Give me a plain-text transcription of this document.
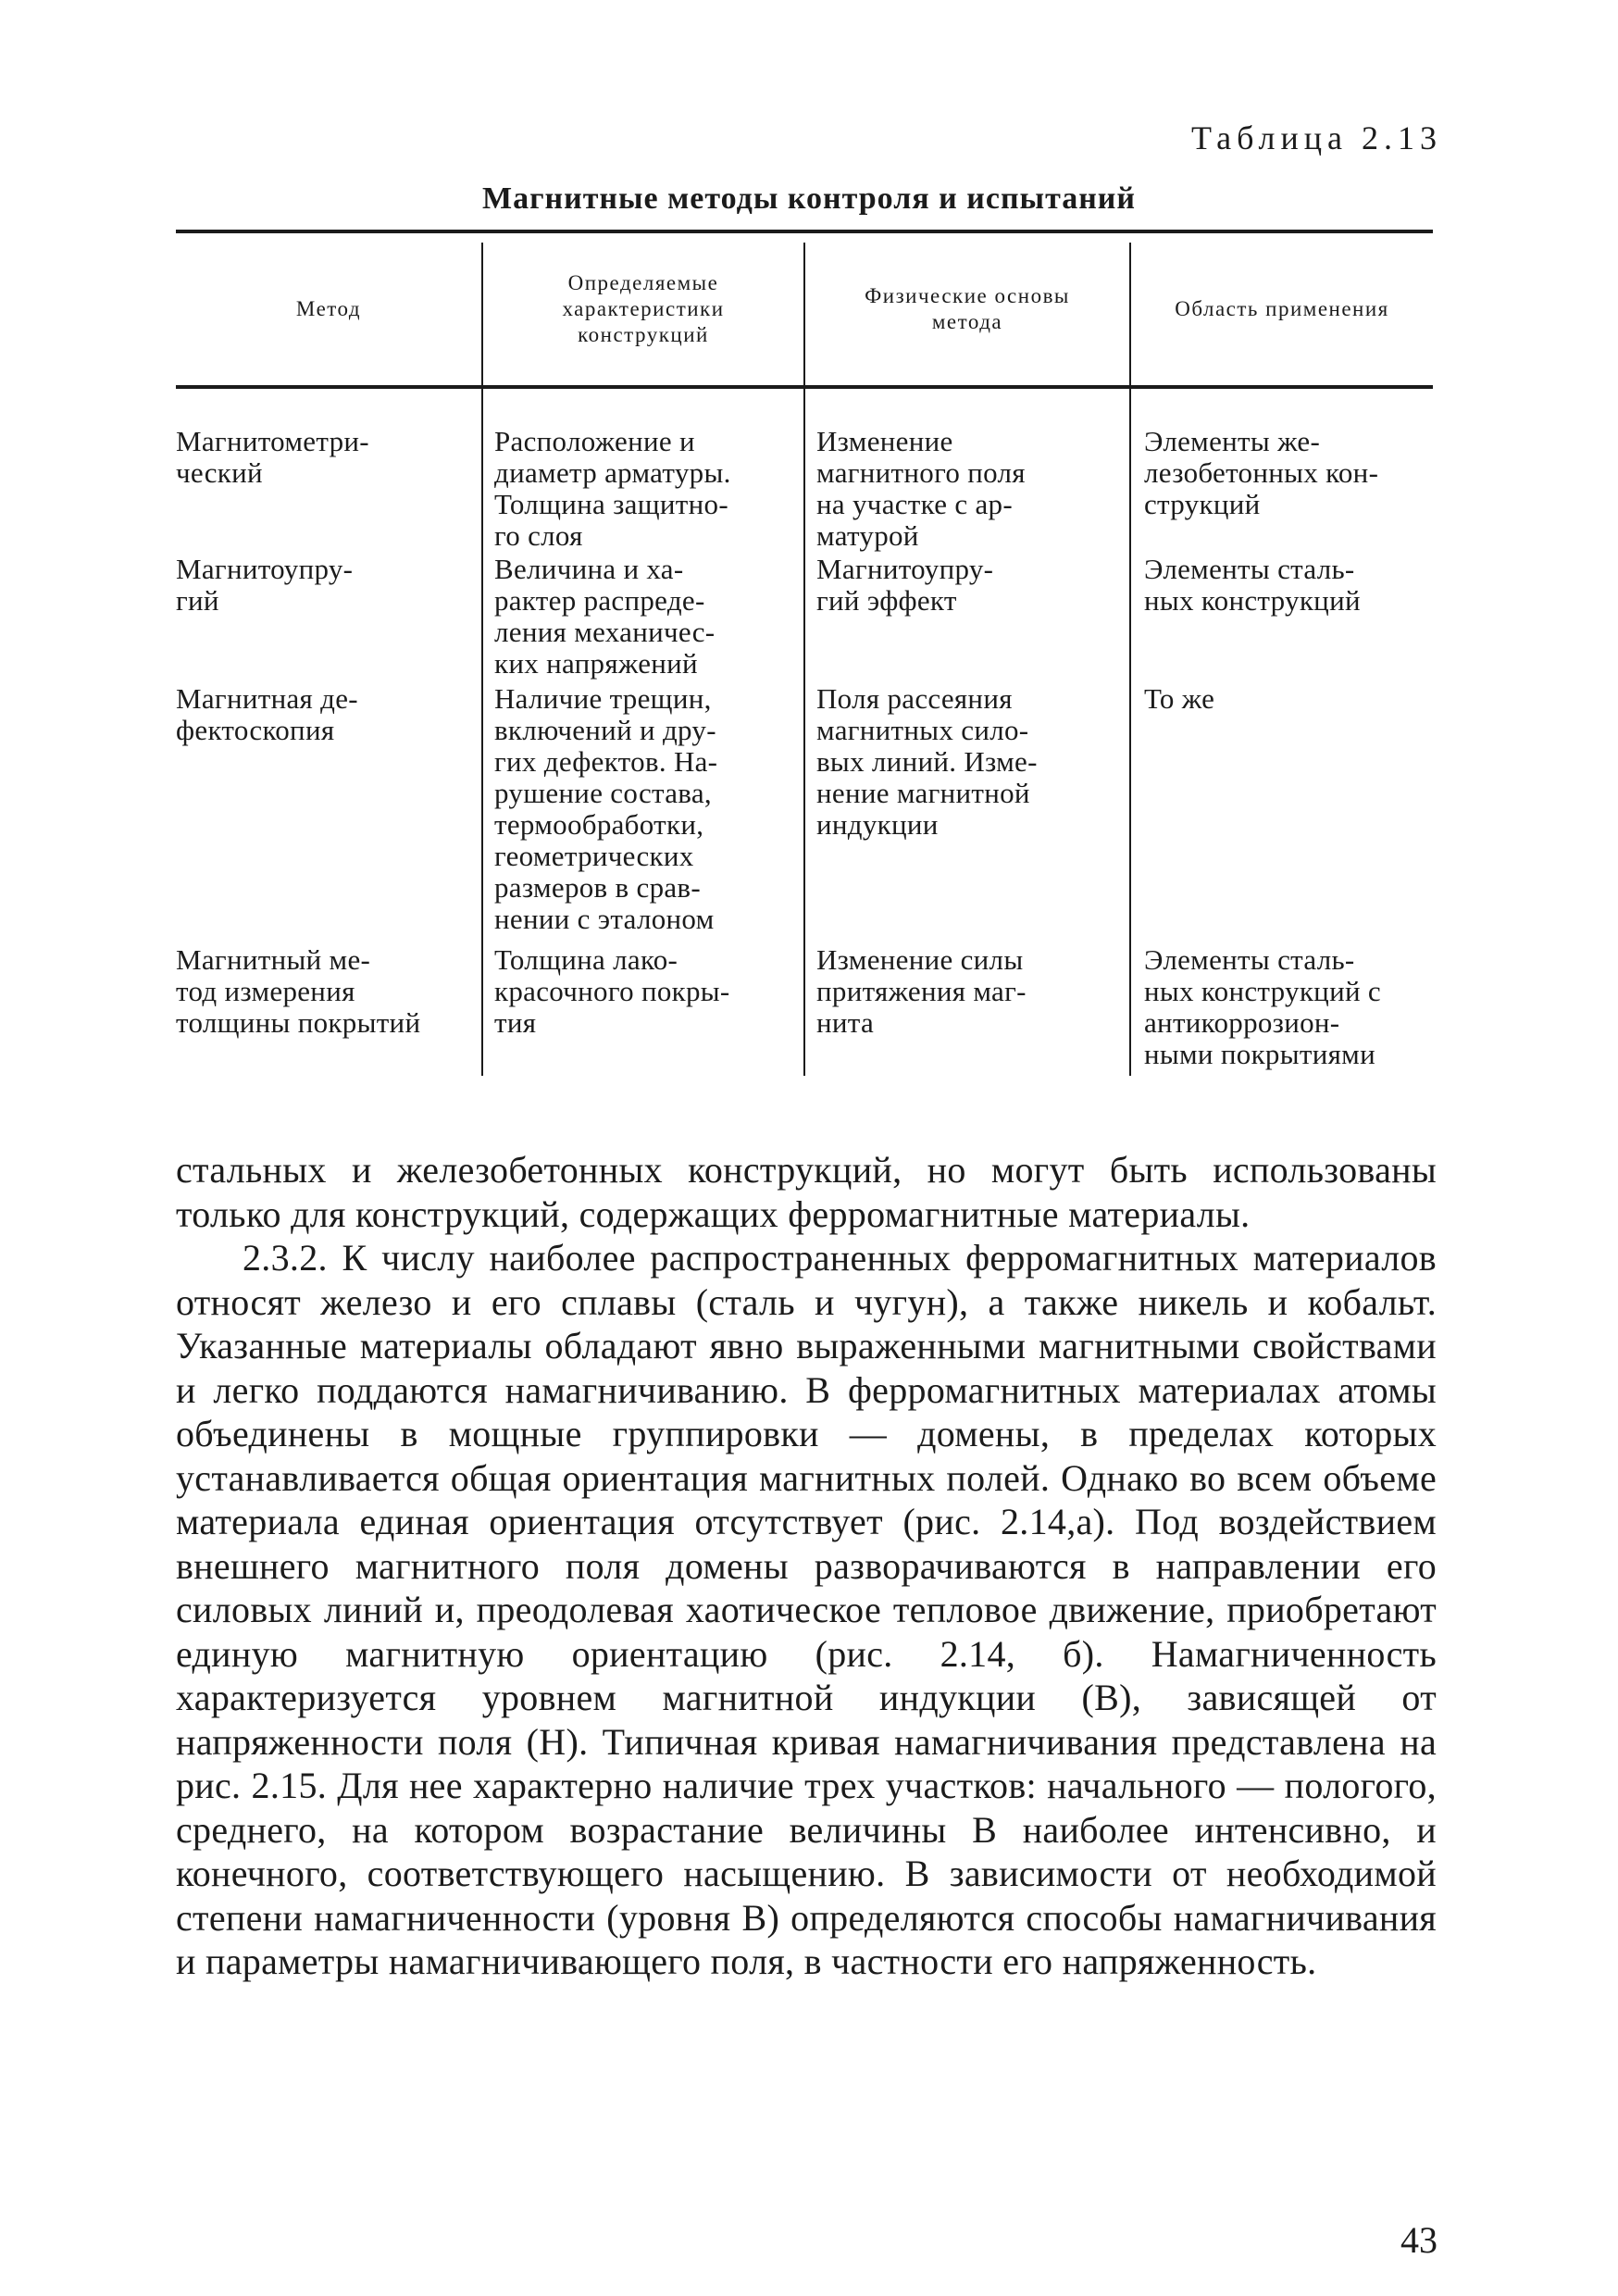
Таблица 2.13
Магнитные методы контроля и испытаний
Метод
Определяемые
характеристики
конструкций
Физические основы
метода
Область применения
Магнитометри-
ческий
Расположение и
диаметр арматуры.
Толщина защитно-
го слоя
Изменение
магнитного поля
на участке с ар-
матурой
Элементы же-
лезобетонных кон-
струкций
Магнитоупру-
гий
Величина и ха-
рактер распреде-
ления механичес-
ких напряжений
Магнитоупру-
гий эффект
Элементы сталь-
ных конструкций
Магнитная де-
фектоскопия
Наличие трещин,
включений и дру-
гих дефектов. На-
рушение состава,
термообработки,
геометрических
размеров в срав-
нении с эталоном
Поля рассеяния
магнитных сило-
вых линий. Изме-
нение магнитной
индукции
То же
Магнитный ме-
тод измерения
толщины покрытий
Толщина лако-
красочного покры-
тия
Изменение силы
притяжения маг-
нита
Элементы сталь-
ных конструкций с
антикоррозион-
ными покрытиями

стальных и железобетонных конструкций, но могут быть использованы только для конструкций, содержащих ферромагнитные материалы.

2.3.2. К числу наиболее распространенных ферромагнитных материалов относят железо и его сплавы (сталь и чугун), а также никель и кобальт. Указанные материалы обладают явно выраженными магнитными свойствами и легко поддаются намагничиванию. В ферромагнитных материалах атомы объединены в мощные группировки — домены, в пределах которых устанавливается общая ориентация магнитных полей. Однако во всем объеме материала единая ориентация отсутствует (рис. 2.14,а). Под воздействием внешнего магнитного поля домены разворачиваются в направлении его силовых линий и, преодолевая хаотическое тепловое движение, приобретают единую магнитную ориентацию (рис. 2.14, б). Намагниченность характеризуется уровнем магнитной индукции (B), зависящей от напряженности поля (H). Типичная кривая намагничивания представлена на рис. 2.15. Для нее характерно наличие трех участков: начального — пологого, среднего, на котором возрастание величины B наиболее интенсивно, и конечного, соответствующего насыщению. В зависимости от необходимой степени намагниченности (уровня B) определяются способы намагничивания и параметры намагничивающего поля, в частности его напряженность.

43
